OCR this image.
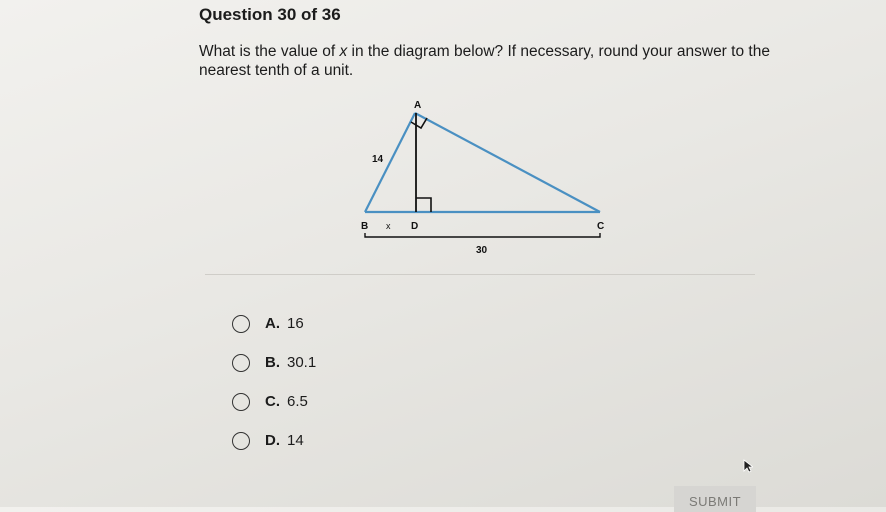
Question 30 of 36

What is the value of x in the diagram below? If necessary, round your answer to the nearest tenth of a unit.

A
B	D	C
14
x
30
A. 16
B. 30.1
C. 6.5
D. 14
SUBMIT
